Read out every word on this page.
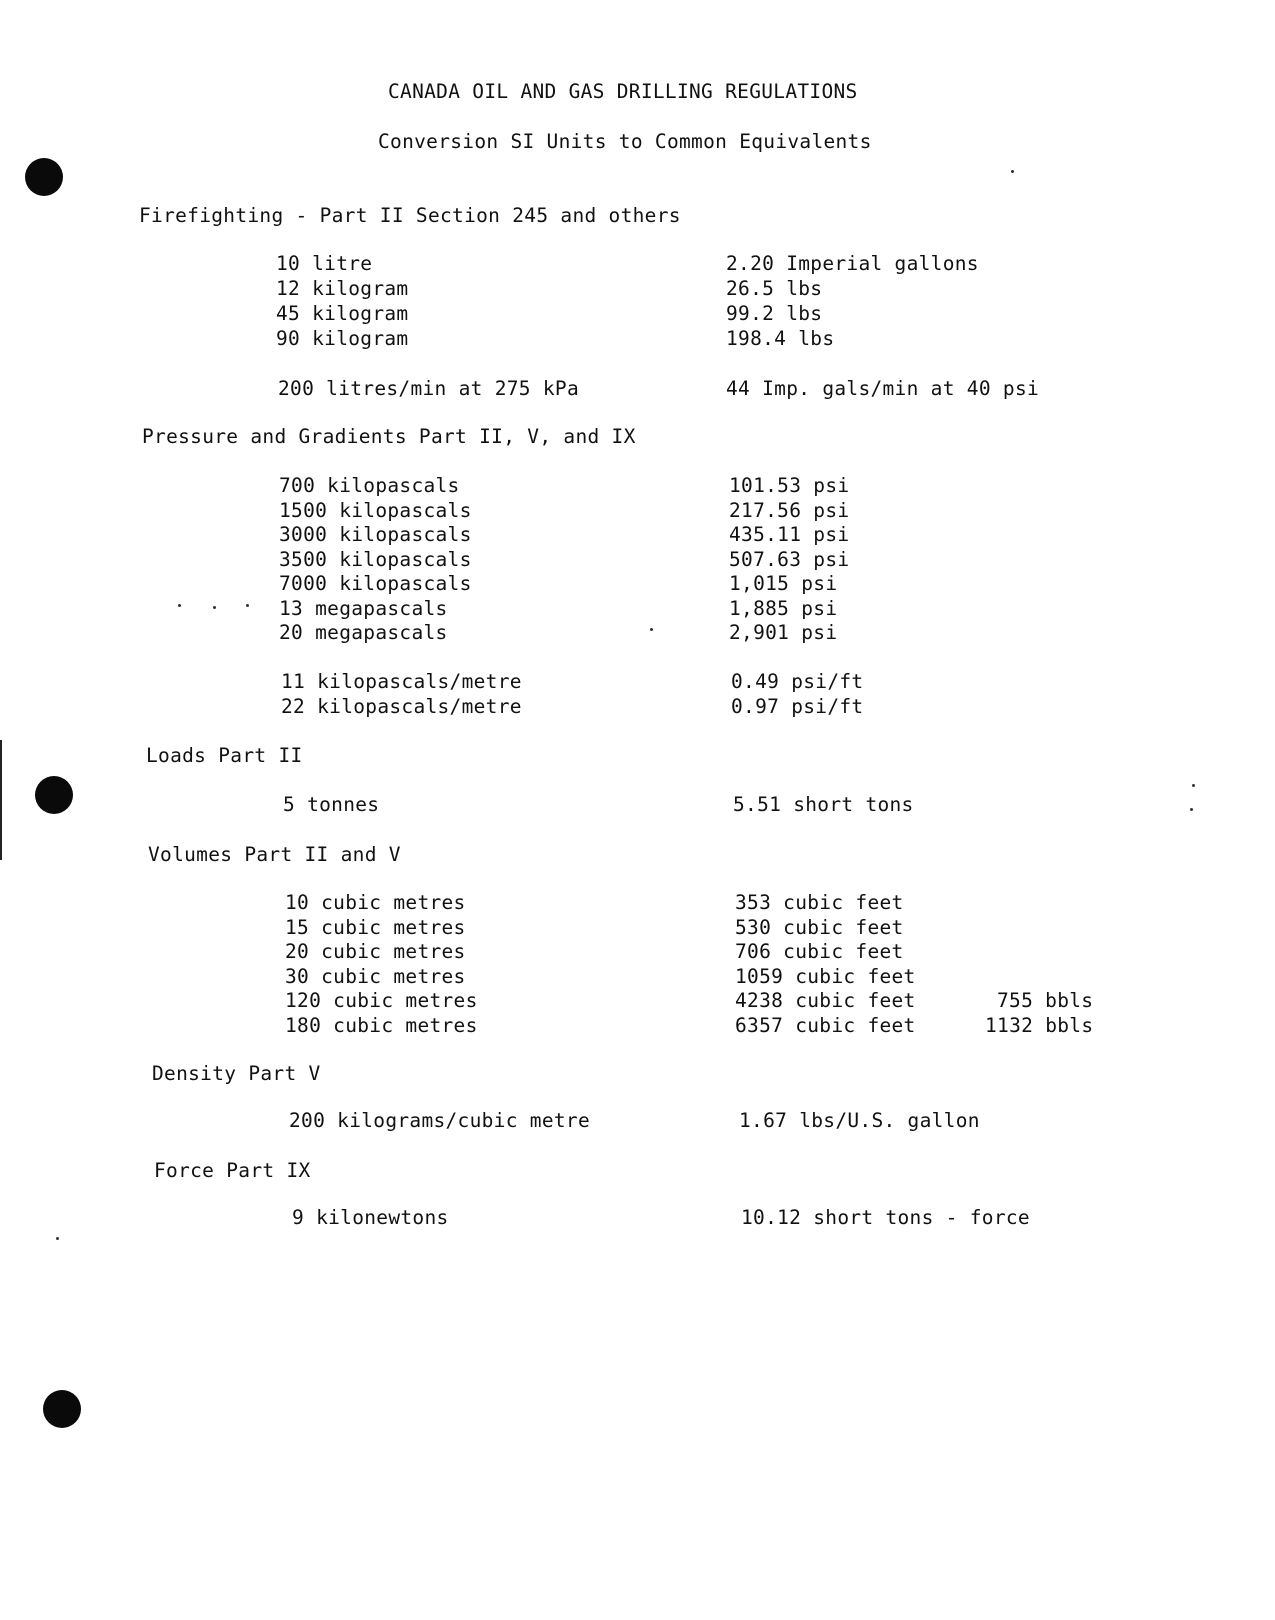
CANADA OIL AND GAS DRILLING REGULATIONS
Conversion SI Units to Common Equivalents
Firefighting - Part II Section 245 and others
10 litre	2.20 Imperial gallons
12 kilogram	26.5 lbs
45 kilogram	99.2 lbs
90 kilogram	198.4 lbs
200 litres/min at 275 kPa	44 Imp. gals/min at 40 psi
Pressure and Gradients Part II, V, and IX
700 kilopascals	101.53 psi
1500 kilopascals	217.56 psi
3000 kilopascals	435.11 psi
3500 kilopascals	507.63 psi
7000 kilopascals	1,015 psi
13 megapascals	1,885 psi
20 megapascals	2,901 psi
11 kilopascals/metre	0.49 psi/ft
22 kilopascals/metre	0.97 psi/ft
Loads Part II
5 tonnes	5.51 short tons
Volumes Part II and V
10 cubic metres	353 cubic feet
15 cubic metres	530 cubic feet
20 cubic metres	706 cubic feet
30 cubic metres	1059 cubic feet
120 cubic metres	4238 cubic feet	755 bbls
180 cubic metres	6357 cubic feet	1132 bbls
Density Part V
200 kilograms/cubic metre	1.67 lbs/U.S. gallon
Force Part IX
9 kilonewtons	10.12 short tons - force
